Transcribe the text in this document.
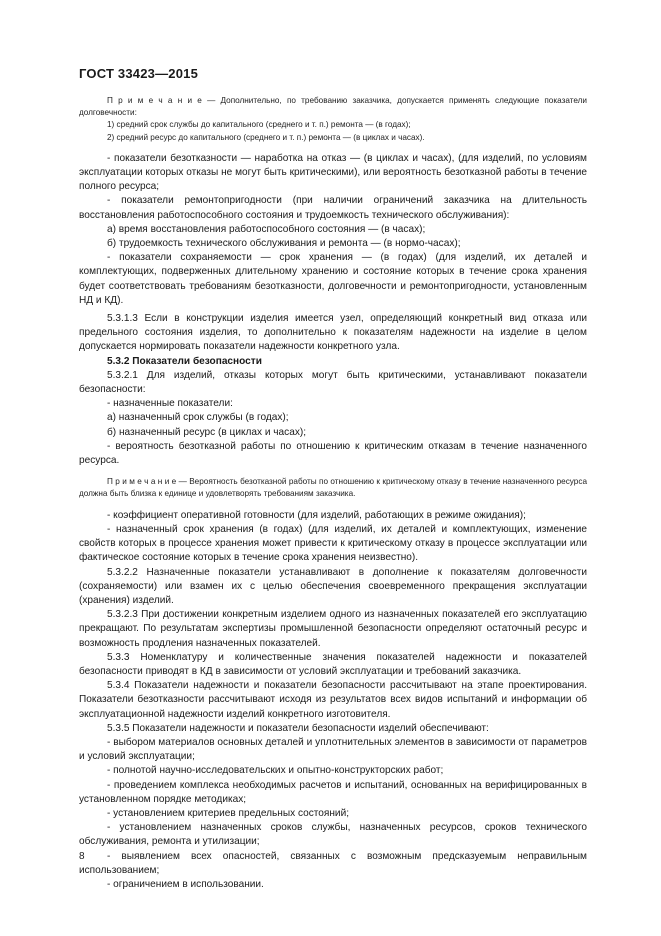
ГОСТ 33423—2015

П р и м е ч а н и е — Дополнительно, по требованию заказчика, допускается применять следующие показатели долговечности:

1) средний срок службы до капитального (среднего и т. п.) ремонта — (в годах);

2) средний ресурс до капитального (среднего и т. п.) ремонта — (в циклах и часах).

- показатели безотказности — наработка на отказ — (в циклах и часах), (для изделий, по условиям эксплуатации которых отказы не могут быть критическими), или вероятность безотказной работы в течение полного ресурса;

- показатели ремонтопригодности (при наличии ограничений заказчика на длительность восстановления работоспособного состояния и трудоемкость технического обслуживания):

а) время восстановления работоспособного состояния — (в часах);

б) трудоемкость технического обслуживания и ремонта — (в нормо-часах);

- показатели сохраняемости — срок хранения — (в годах) (для изделий, их деталей и комплектующих, подверженных длительному хранению и состояние которых в течение срока хранения будет соответствовать требованиям безотказности, долговечности и ремонтопригодности, установленным НД и КД).

5.3.1.3 Если в конструкции изделия имеется узел, определяющий конкретный вид отказа или предельного состояния изделия, то дополнительно к показателям надежности на изделие в целом допускается нормировать показатели надежности конкретного узла.

5.3.2 Показатели безопасности

5.3.2.1 Для изделий, отказы которых могут быть критическими, устанавливают показатели безопасности:

- назначенные показатели:

а) назначенный срок службы (в годах);

б) назначенный ресурс (в циклах и часах);

- вероятность безотказной работы по отношению к критическим отказам в течение назначенного ресурса.

П р и м е ч а н и е — Вероятность безотказной работы по отношению к критическому отказу в течение назначенного ресурса должна быть близка к единице и удовлетворять требованиям заказчика.

- коэффициент оперативной готовности (для изделий, работающих в режиме ожидания);

- назначенный срок хранения (в годах) (для изделий, их деталей и комплектующих, изменение свойств которых в процессе хранения может привести к критическому отказу в процессе эксплуатации или фактическое состояние которых в течение срока хранения неизвестно).

5.3.2.2 Назначенные показатели устанавливают в дополнение к показателям долговечности (сохраняемости) или взамен их с целью обеспечения своевременного прекращения эксплуатации (хранения) изделий.

5.3.2.3 При достижении конкретным изделием одного из назначенных показателей его эксплуатацию прекращают. По результатам экспертизы промышленной безопасности определяют остаточный ресурс и возможность продления назначенных показателей.

5.3.3 Номенклатуру и количественные значения показателей надежности и показателей безопасности приводят в КД в зависимости от условий эксплуатации и требований заказчика.

5.3.4 Показатели надежности и показатели безопасности рассчитывают на этапе проектирования. Показатели безотказности рассчитывают исходя из результатов всех видов испытаний и информации об эксплуатационной надежности изделий конкретного изготовителя.

5.3.5 Показатели надежности и показатели безопасности изделий обеспечивают:

- выбором материалов основных деталей и уплотнительных элементов в зависимости от параметров и условий эксплуатации;

- полнотой научно-исследовательских и опытно-конструкторских работ;

- проведением комплекса необходимых расчетов и испытаний, основанных на верифицированных в установленном порядке методиках;

- установлением критериев предельных состояний;

- установлением назначенных сроков службы, назначенных ресурсов, сроков технического обслуживания, ремонта и утилизации;

- выявлением всех опасностей, связанных с возможным предсказуемым неправильным использованием;

- ограничением в использовании.

8
